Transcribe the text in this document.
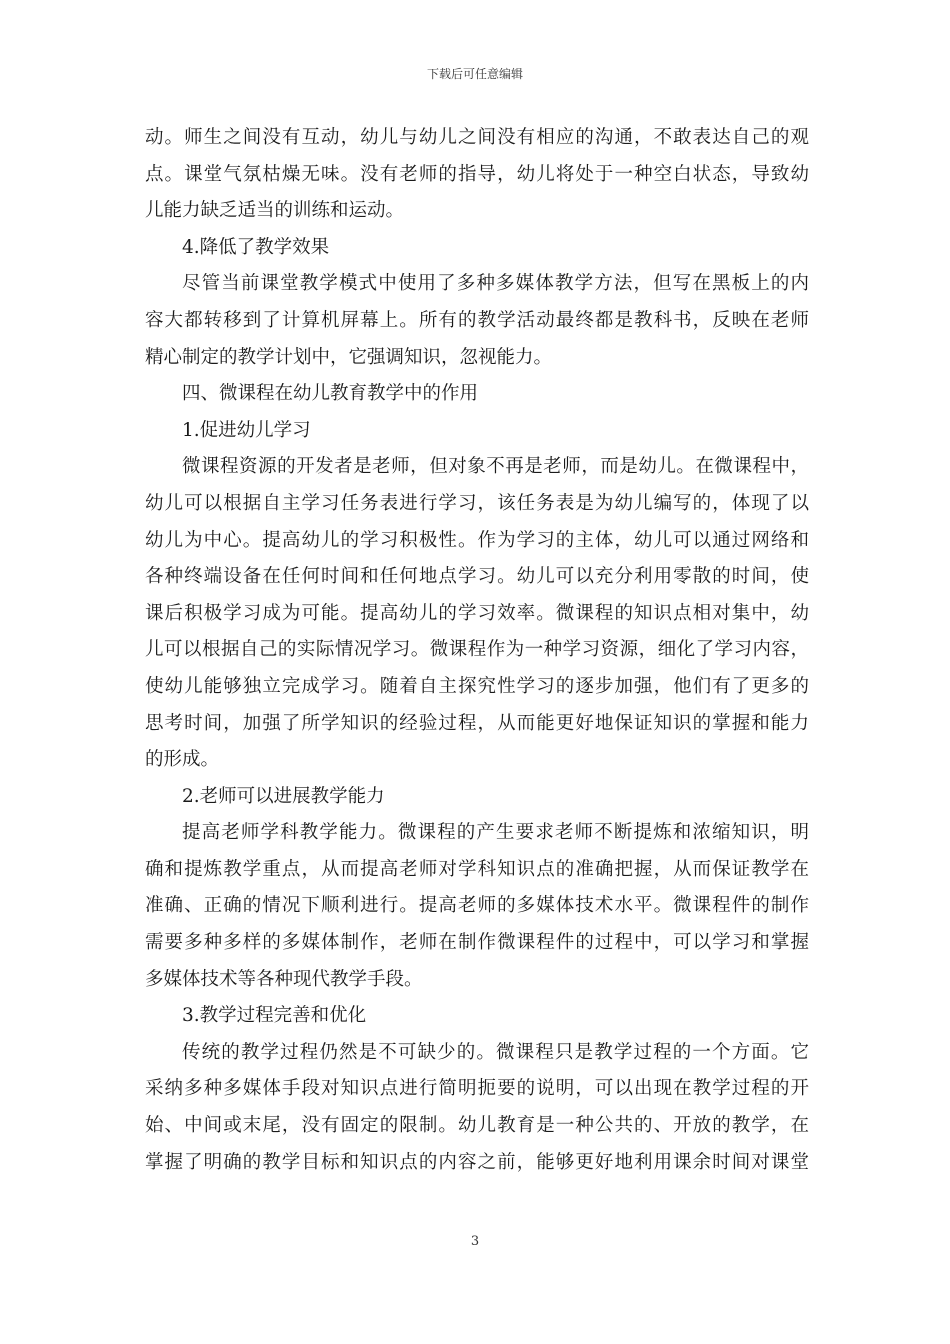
下载后可任意编辑
动。师生之间没有互动，幼儿与幼儿之间没有相应的沟通，不敢表达自己的观
点。课堂气氛枯燥无味。没有老师的指导，幼儿将处于一种空白状态，导致幼
儿能力缺乏适当的训练和运动。
4.降低了教学效果
尽管当前课堂教学模式中使用了多种多媒体教学方法，但写在黑板上的内
容大都转移到了计算机屏幕上。所有的教学活动最终都是教科书，反映在老师
精心制定的教学计划中，它强调知识，忽视能力。
四、微课程在幼儿教育教学中的作用
1.促进幼儿学习
微课程资源的开发者是老师，但对象不再是老师，而是幼儿。在微课程中，
幼儿可以根据自主学习任务表进行学习，该任务表是为幼儿编写的，体现了以
幼儿为中心。提高幼儿的学习积极性。作为学习的主体，幼儿可以通过网络和
各种终端设备在任何时间和任何地点学习。幼儿可以充分利用零散的时间，使
课后积极学习成为可能。提高幼儿的学习效率。微课程的知识点相对集中，幼
儿可以根据自己的实际情况学习。微课程作为一种学习资源，细化了学习内容，
使幼儿能够独立完成学习。随着自主探究性学习的逐步加强，他们有了更多的
思考时间，加强了所学知识的经验过程，从而能更好地保证知识的掌握和能力
的形成。
2.老师可以进展教学能力
提高老师学科教学能力。微课程的产生要求老师不断提炼和浓缩知识，明
确和提炼教学重点，从而提高老师对学科知识点的准确把握，从而保证教学在
准确、正确的情况下顺利进行。提高老师的多媒体技术水平。微课程件的制作
需要多种多样的多媒体制作，老师在制作微课程件的过程中，可以学习和掌握
多媒体技术等各种现代教学手段。
3.教学过程完善和优化
传统的教学过程仍然是不可缺少的。微课程只是教学过程的一个方面。它
采纳多种多媒体手段对知识点进行简明扼要的说明，可以出现在教学过程的开
始、中间或末尾，没有固定的限制。幼儿教育是一种公共的、开放的教学，在
掌握了明确的教学目标和知识点的内容之前，能够更好地利用课余时间对课堂
3
